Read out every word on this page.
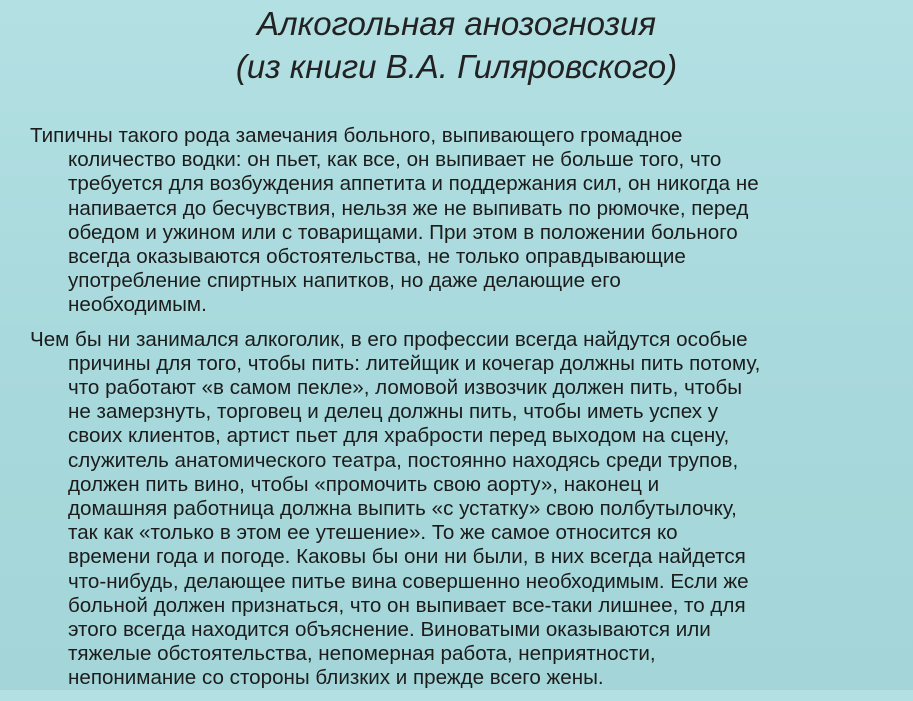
Алкогольная анозогнозия
(из книги В.А. Гиляровского)
Типичны такого рода замечания больного, выпивающего громадное
количество водки: он пьет, как все, он выпивает не больше того, что
требуется для возбуждения аппетита и поддержания сил, он никогда не
напивается до бесчувствия, нельзя же не выпивать по рюмочке, перед
обедом и ужином или с товарищами. При этом в положении больного
всегда оказываются обстоятельства, не только оправдывающие
употребление спиртных напитков, но даже делающие его
необходимым.
Чем бы ни занимался алкоголик, в его профессии всегда найдутся особые
причины для того, чтобы пить: литейщик и кочегар должны пить потому,
что работают «в самом пекле», ломовой извозчик должен пить, чтобы
не замерзнуть, торговец и делец должны пить, чтобы иметь успех у
своих клиентов, артист пьет для храбрости перед выходом на сцену,
служитель анатомического театра, постоянно находясь среди трупов,
должен пить вино, чтобы «промочить свою аорту», наконец и
домашняя работница должна выпить «с устатку» свою полбутылочку,
так как «только в этом ее утешение». То же самое относится ко
времени года и погоде. Каковы бы они ни были, в них всегда найдется
что-нибудь, делающее питье вина совершенно необходимым. Если же
больной должен признаться, что он выпивает все-таки лишнее, то для
этого всегда находится объяснение. Виноватыми оказываются или
тяжелые обстоятельства, непомерная работа, неприятности,
непонимание со стороны близких и прежде всего жены.
